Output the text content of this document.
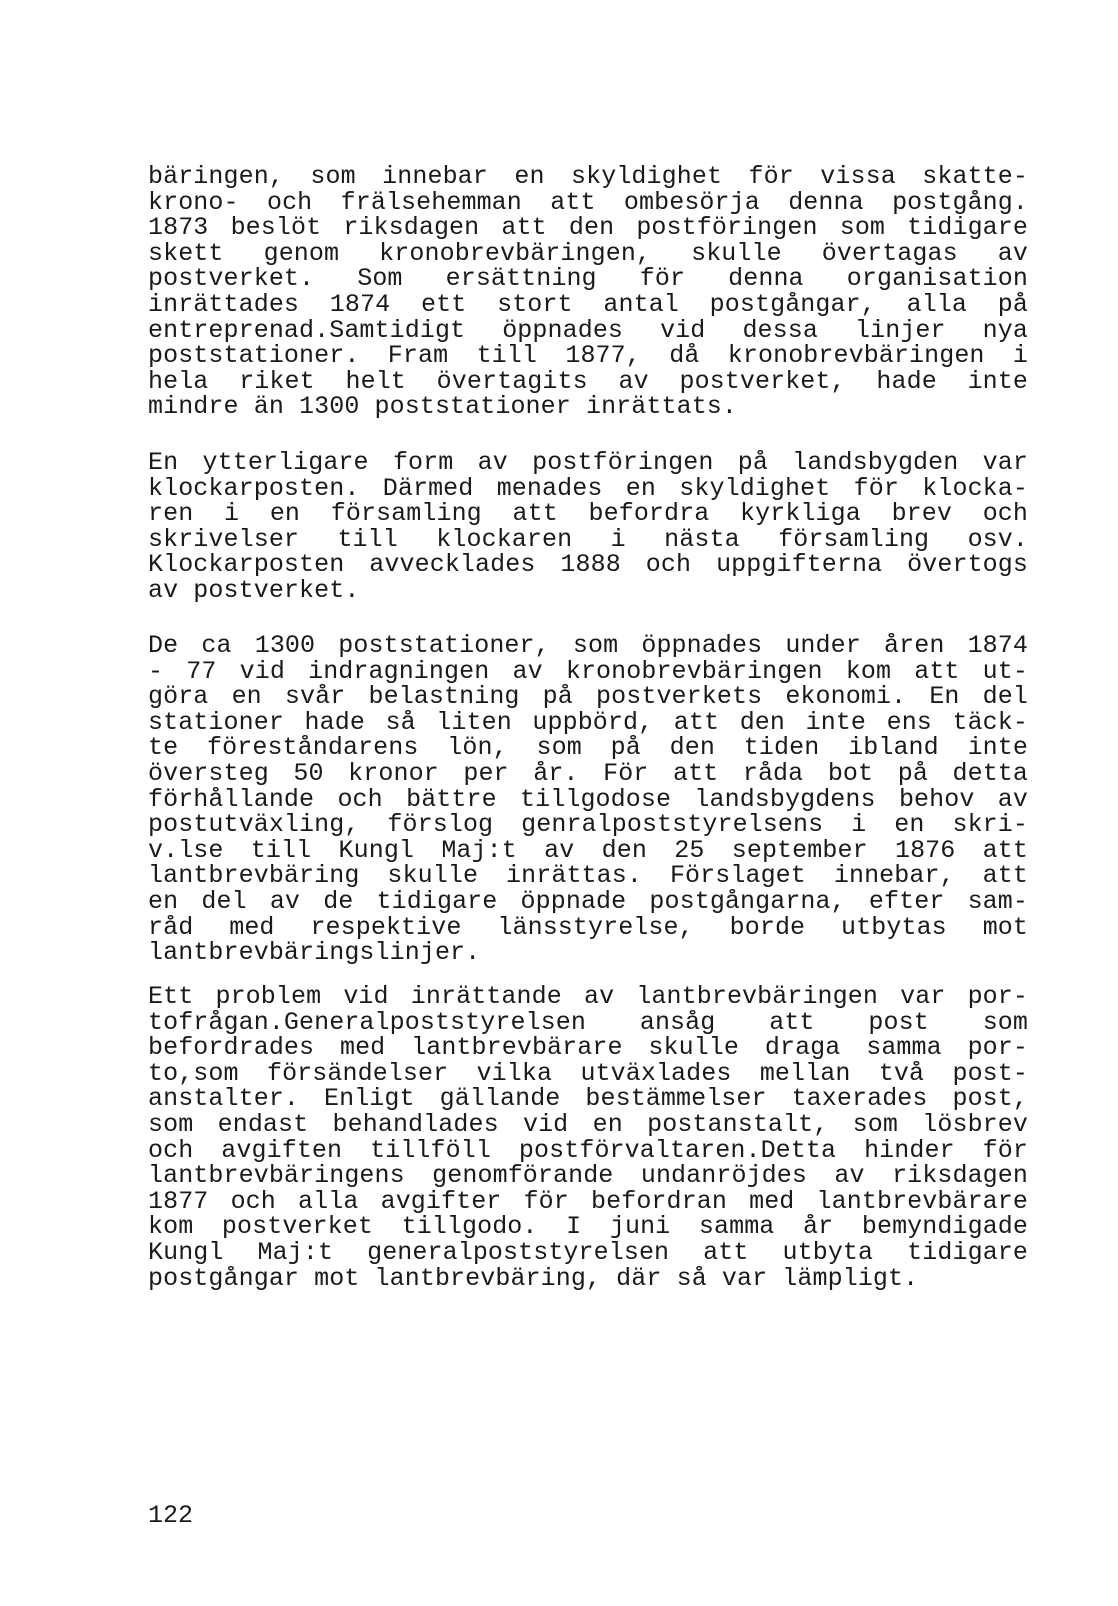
bäringen, som innebar en skyldighet för vissa skatte-
krono- och frälsehemman att ombesörja denna postgång.
1873 beslöt riksdagen att den postföringen som tidigare
skett genom kronobrevbäringen, skulle övertagas av
postverket. Som ersättning för denna organisation
inrättades 1874 ett stort antal postgångar, alla på
entreprenad.Samtidigt öppnades vid dessa linjer nya
poststationer. Fram till 1877, då kronobrevbäringen i
hela riket helt övertagits av postverket, hade inte
mindre än 1300 poststationer inrättats.
En ytterligare form av postföringen på landsbygden var
klockarposten. Därmed menades en skyldighet för klocka-
ren i en församling att befordra kyrkliga brev och
skrivelser till klockaren i nästa församling osv.
Klockarposten avvecklades 1888 och uppgifterna övertogs
av postverket.
De ca 1300 poststationer, som öppnades under åren 1874
- 77 vid indragningen av kronobrevbäringen kom att ut-
göra en svår belastning på postverkets ekonomi. En del
stationer hade så liten uppbörd, att den inte ens täck-
te föreståndarens lön, som på den tiden ibland inte
översteg 50 kronor per år. För att råda bot på detta
förhållande och bättre tillgodose landsbygdens behov av
postutväxling, förslog genralpoststyrelsens i en skri-
v.lse till Kungl Maj:t av den 25 september 1876 att
lantbrevbäring skulle inrättas. Förslaget innebar, att
en del av de tidigare öppnade postgångarna, efter sam-
råd med respektive länsstyrelse, borde utbytas mot
lantbrevbäringslinjer.
Ett problem vid inrättande av lantbrevbäringen var por-
tofrågan.Generalpoststyrelsen ansåg att post som
befordrades med lantbrevbärare skulle draga samma por-
to,som försändelser vilka utväxlades mellan två post-
anstalter. Enligt gällande bestämmelser taxerades post,
som endast behandlades vid en postanstalt, som lösbrev
och avgiften tillföll postförvaltaren.Detta hinder för
lantbrevbäringens genomförande undanröjdes av riksdagen
1877 och alla avgifter för befordran med lantbrevbärare
kom postverket tillgodo. I juni samma år bemyndigade
Kungl Maj:t generalpoststyrelsen att utbyta tidigare
postgångar mot lantbrevbäring, där så var lämpligt.
122
